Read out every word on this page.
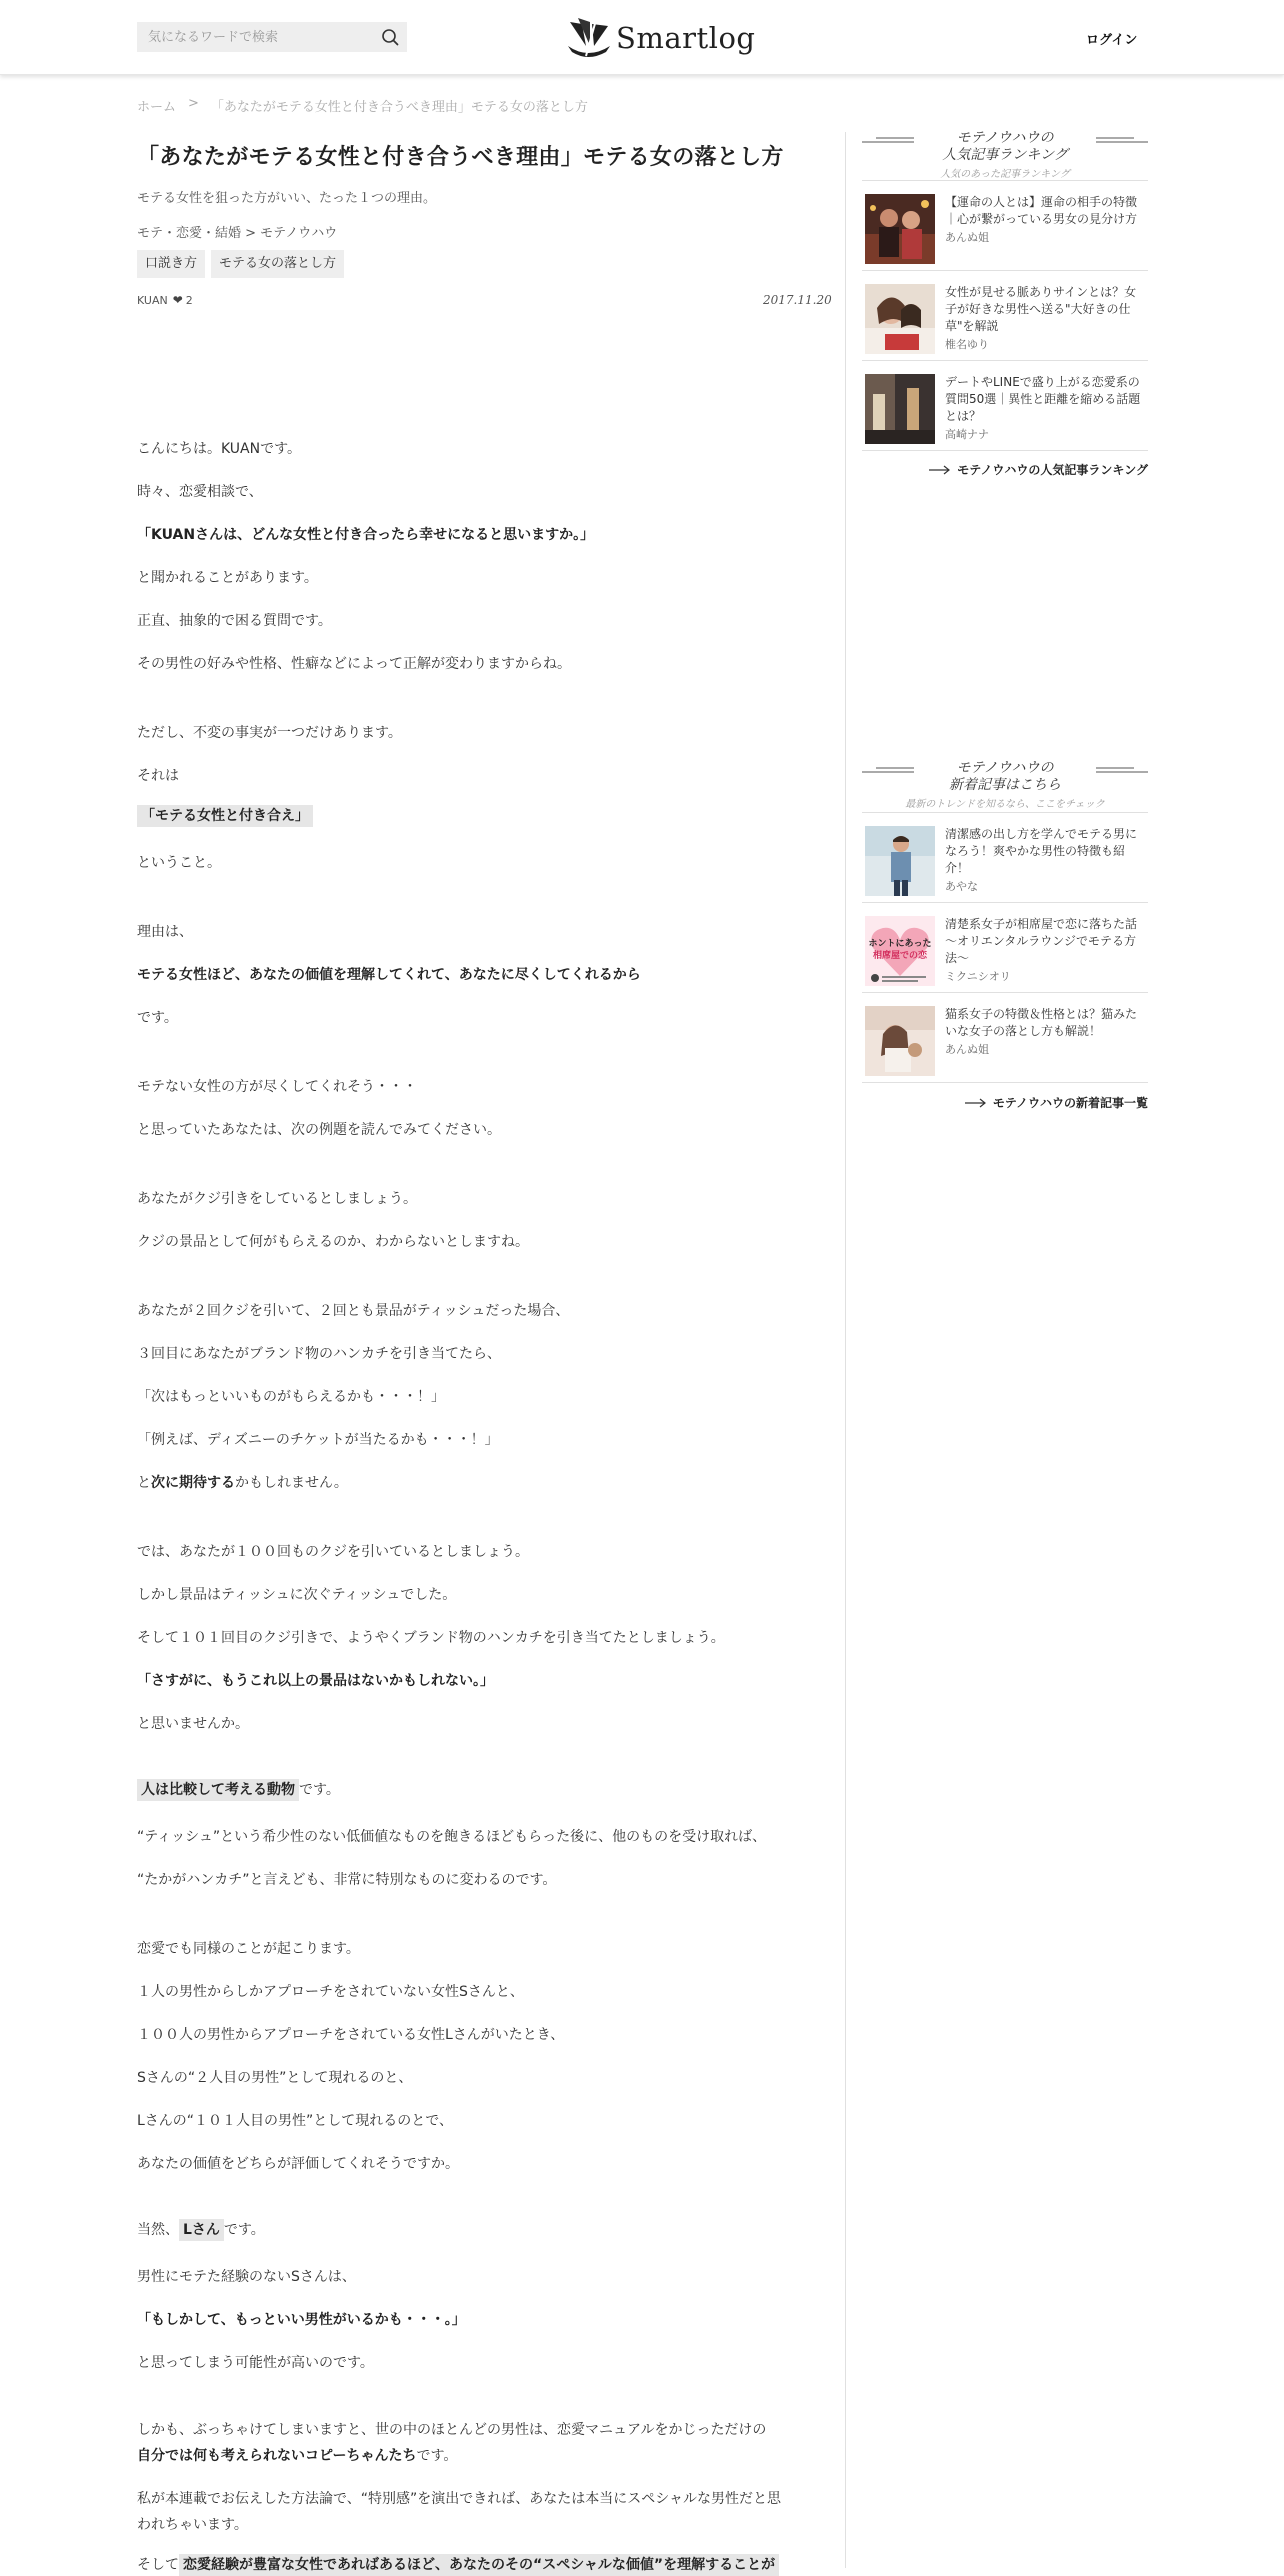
気になるワードで検索
Smartlog	ログイン
ホーム > 「あなたがモテる女性と付き合うべき理由」モテる女の落とし方
「あなたがモテる女性と付き合うべき理由」モテる女の落とし方
モテる女性を狙った方がいい、たった１つの理由。
モテ・恋愛・結婚 > モテノウハウ
口説き方	モテる女の落とし方
KUAN ❤ 2	2017.11.20
こんにちは。KUANです。
時々、恋愛相談で、
「KUANさんは、どんな女性と付き合ったら幸せになると思いますか。」
と聞かれることがあります。
正直、抽象的で困る質問です。
その男性の好みや性格、性癖などによって正解が変わりますからね。
ただし、不変の事実が一つだけあります。
それは
「モテる女性と付き合え」
ということ。
理由は、
モテる女性ほど、あなたの価値を理解してくれて、あなたに尽くしてくれるから
です。
モテない女性の方が尽くしてくれそう・・・
と思っていたあなたは、次の例題を読んでみてください。
あなたがクジ引きをしているとしましょう。
クジの景品として何がもらえるのか、わからないとしますね。
あなたが２回クジを引いて、２回とも景品がティッシュだった場合、
３回目にあなたがブランド物のハンカチを引き当てたら、
「次はもっといいものがもらえるかも・・・！」
「例えば、ディズニーのチケットが当たるかも・・・！」
と次に期待するかもしれません。
では、あなたが１００回ものクジを引いているとしましょう。
しかし景品はティッシュに次ぐティッシュでした。
そして１０１回目のクジ引きで、ようやくブランド物のハンカチを引き当てたとしましょう。
「さすがに、もうこれ以上の景品はないかもしれない。」
と思いませんか。
人は比較して考える動物 です。
“ティッシュ”という希少性のない低価値なものを飽きるほどもらった後に、他のものを受け取れば、
“たかがハンカチ”と言えども、非常に特別なものに変わるのです。
恋愛でも同様のことが起こります。
１人の男性からしかアプローチをされていない女性Sさんと、
１００人の男性からアプローチをされている女性Lさんがいたとき、
Sさんの“２人目の男性”として現れるのと、
Lさんの“１０１人目の男性”として現れるのとで、
あなたの価値をどちらが評価してくれそうですか。
当然、 Lさん です。
男性にモテた経験のないSさんは、
「もしかして、もっといい男性がいるかも・・・。」
と思ってしまう可能性が高いのです。
しかも、ぶっちゃけてしまいますと、世の中のほとんどの男性は、恋愛マニュアルをかじっただけの
自分では何も考えられないコピーちゃんたちです。
私が本連載でお伝えした方法論で、“特別感”を演出できれば、あなたは本当にスペシャルな男性だと思
われちゃいます。
そして 恋愛経験が豊富な女性であればあるほど、あなたのその“スペシャルな価値”を理解することが
モテノウハウの
人気記事ランキング
人気のあった記事ランキング
【運命の人とは】運命の相手の特徴｜心が繋がっている男女の見分け方
あんぬ姐
女性が見せる脈ありサインとは？女子が好きな男性へ送る"大好きの仕草"を解説
椎名ゆり
デートやLINEで盛り上がる恋愛系の質問50選｜異性と距離を縮める話題とは？
高崎ナナ
モテノウハウの人気記事ランキング
モテノウハウの
新着記事はこちら
最新のトレンドを知るなら、ここをチェック
清潔感の出し方を学んでモテる男になろう！爽やかな男性の特徴も紹介！
あやな
ホントにあった
相席屋での恋
清楚系女子が相席屋で恋に落ちた話 〜オリエンタルラウンジでモテる方法〜
ミクニシオリ
猫系女子の特徴＆性格とは？猫みたいな女子の落とし方も解説！
あんぬ姐
モテノウハウの新着記事一覧
